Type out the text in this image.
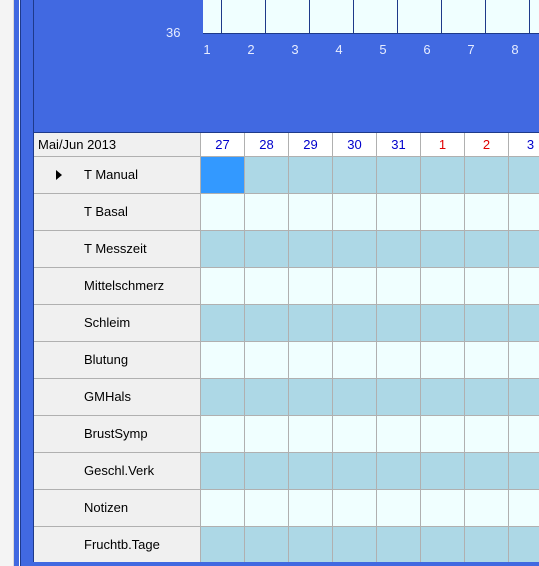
36
1	2	3	4	5	6	7	8
Mai/Jun 2013	27	28	29	30	31	1	2	3
T Manual
T Basal
T Messzeit
Mittelschmerz
Schleim
Blutung
GMHals
BrustSymp
Geschl.Verk
Notizen
Fruchtb.Tage
